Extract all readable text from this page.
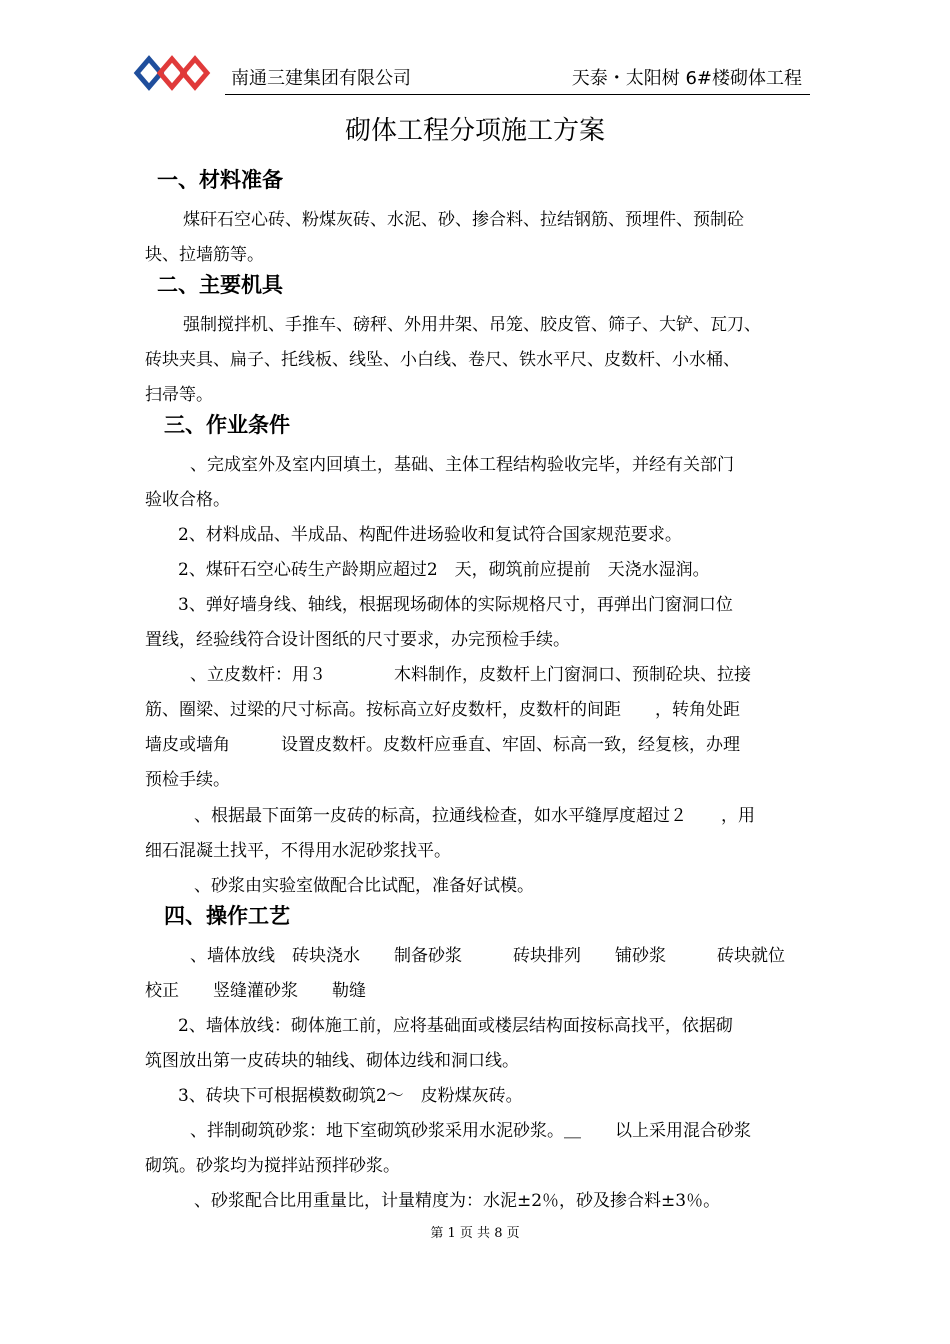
南通三建集团有限公司	天泰・太阳树 6#楼砌体工程
砌体工程分项施工方案
一、材料准备
煤矸石空心砖、粉煤灰砖、水泥、砂、掺合料、拉结钢筋、预埋件、预制砼
块、拉墙筋等。
二、主要机具
强制搅拌机、手推车、磅秤、外用井架、吊笼、胶皮管、筛子、大铲、瓦刀、
砖块夹具、扁子、托线板、线坠、小白线、卷尺、铁水平尺、皮数杆、小水桶、
扫帚等。
三、作业条件
、完成室外及室内回填土，基础、主体工程结构验收完毕，并经有关部门
验收合格。
2、材料成品、半成品、构配件进场验收和复试符合国家规范要求。
2、煤矸石空心砖生产龄期应超过2　天，砌筑前应提前　天浇水湿润。
3、弹好墙身线、轴线，根据现场砌体的实际规格尺寸，再弹出门窗洞口位
置线，经验线符合设计图纸的尺寸要求，办完预检手续。
、立皮数杆：用３　　　　木料制作，皮数杆上门窗洞口、预制砼块、拉接
筋、圈梁、过梁的尺寸标高。按标高立好皮数杆，皮数杆的间距　　，转角处距
墙皮或墙角　　　设置皮数杆。皮数杆应垂直、牢固、标高一致，经复核，办理
预检手续。
、根据最下面第一皮砖的标高，拉通线检查，如水平缝厚度超过２　　，用
细石混凝土找平，不得用水泥砂浆找平。
、砂浆由实验室做配合比试配，准备好试模。
四、操作工艺
、墙体放线　砖块浇水　　制备砂浆　　　砖块排列　　铺砂浆　　　砖块就位
校正　　竖缝灌砂浆　　勒缝
2、墙体放线：砌体施工前，应将基础面或楼层结构面按标高找平，依据砌
筑图放出第一皮砖块的轴线、砌体边线和洞口线。
3、砖块下可根据模数砌筑2～　皮粉煤灰砖。
、拌制砌筑砂浆：地下室砌筑砂浆采用水泥砂浆。＿　　以上采用混合砂浆
砌筑。砂浆均为搅拌站预拌砂浆。
、砂浆配合比用重量比，计量精度为：水泥±2％，砂及掺合料±3％。
第 1 页 共 8 页
